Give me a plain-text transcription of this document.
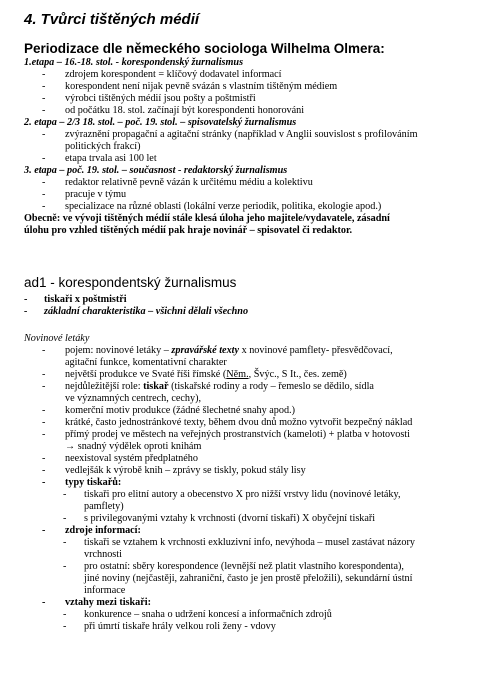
4. Tvůrci tištěných médií
Periodizace dle německého sociologa Wilhelma Olmera:
1.etapa – 16.-18. stol. - korespondenský žurnalismus
- zdrojem korespondent = klíčový dodavatel informací
- korespondent není nijak pevně svázán s vlastním tištěným médiem
- výrobci tištěných médií jsou pošty a poštmistři
- od počátku 18. stol. začínají být korespondenti honorováni
2. etapa – 2/3 18. stol. – poč. 19. stol. – spisovatelský žurnalismus
- zvýraznění propagační a agitační stránky (například v Anglii souvislost s profilováním
politických frakcí)
- etapa trvala asi 100 let
3. etapa – poč. 19. stol. – současnost - redaktorský žurnalismus
- redaktor relativně pevně vázán k určitému médiu a kolektivu
- pracuje v týmu
- specializace na různé oblasti (lokální verze periodik, politika, ekologie apod.)
Obecně: ve vývoji tištěných médií stále klesá úloha jeho majitele/vydavatele, zásadní
úlohu pro vzhled tištěných médií pak hraje novinář – spisovatel či redaktor.
ad1 - korespondentský žurnalismus
- tiskaři x poštmistři
- základní charakteristika – všichni dělali všechno
Novinové letáky
- pojem: novinové letáky – zpravářské texty x novinové pamflety- přesvědčovací,
agitační funkce, komentativní charakter
- největší produkce ve Svaté říši římské (Něm., Švýc., S It., čes. země)
- nejdůležitější role: tiskař (tiskařské rodiny a rody – řemeslo se dědilo, sídla
ve významných centrech, cechy),
- komerční motiv produkce (žádné šlechetné snahy apod.)
- krátké, často jednostránkové texty, během dvou dnů možno vytvořit bezpečný náklad
- přímý prodej ve městech na veřejných prostranstvích (kameloti) + platba v hotovosti
→ snadný výdělek oproti knihám
- neexistoval systém předplatného
- vedlejšák k výrobě knih – zprávy se tiskly, pokud stály lisy
- typy tiskařů:
- tiskaři pro elitní autory a obecenstvo X pro nižší vrstvy lidu (novinové letáky,
pamflety)
- s privilegovanými vztahy k vrchnosti (dvorní tiskaři) X obyčejní tiskaři
- zdroje informací:
- tiskaři se vztahem k vrchnosti exkluzivní info, nevýhoda – musel zastávat názory
vrchnosti
- pro ostatní: sběry korespondence (levnější než platit vlastního korespondenta),
jiné noviny (nejčastěji, zahraniční, často je jen prostě přeložili), sekundární ústní
informace
- vztahy mezi tiskaři:
- konkurence – snaha o udržení koncesí a informačních zdrojů
- při úmrtí tiskaře hrály velkou roli ženy - vdovy
